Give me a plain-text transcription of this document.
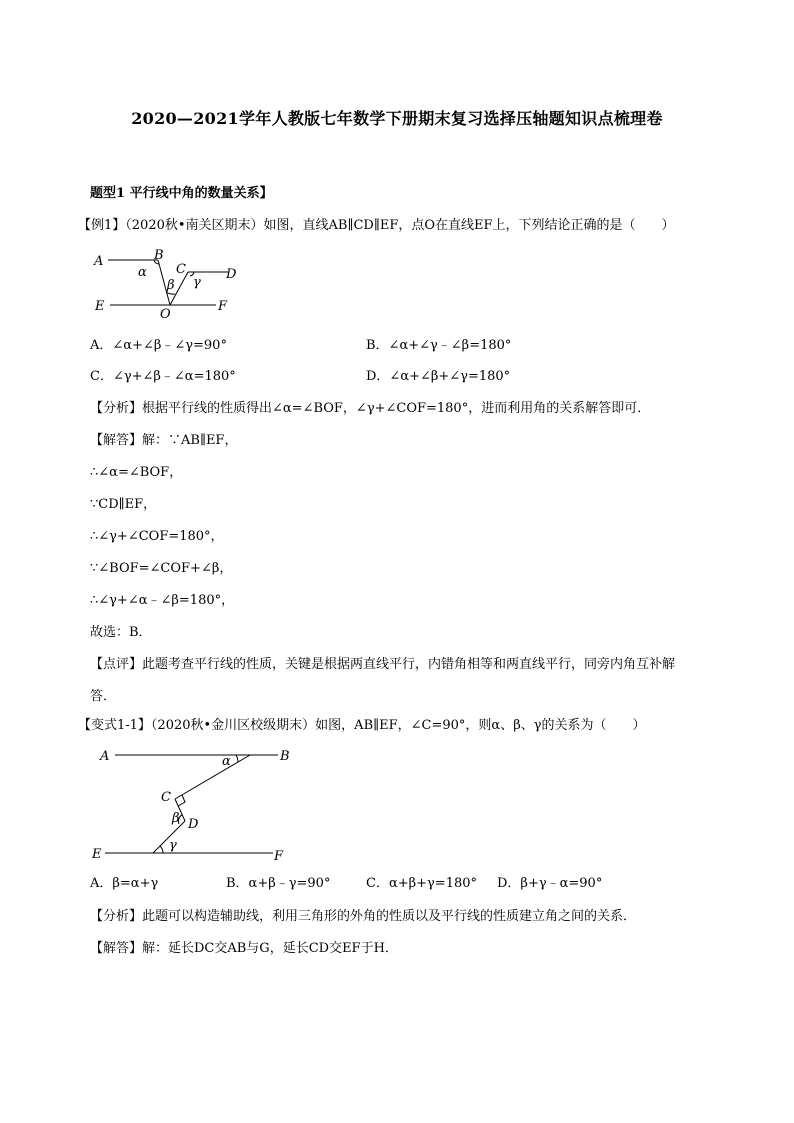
2020—2021学年人教版七年数学下册期末复习选择压轴题知识点梳理卷
题型1 平行线中角的数量关系】
【例1】（2020秋•南关区期末）如图，直线AB∥CD∥EF，点O在直线EF上，下列结论正确的是（　　）
A	B
C	D
E	F
O
α
β γ
A．∠α+∠β﹣∠γ=90°	B．∠α+∠γ﹣∠β=180°
C．∠γ+∠β﹣∠α=180°	D．∠α+∠β+∠γ=180°
【分析】根据平行线的性质得出∠α=∠BOF，∠γ+∠COF=180°，进而利用角的关系解答即可．
【解答】解：∵AB∥EF，
∴∠α=∠BOF，
∵CD∥EF，
∴∠γ+∠COF=180°，
∵∠BOF=∠COF+∠β，
∴∠γ+∠α﹣∠β=180°，
故选：B．
【点评】此题考查平行线的性质，关键是根据两直线平行，内错角相等和两直线平行，同旁内角互补解
答．
【变式1-1】（2020秋•金川区校级期末）如图，AB∥EF，∠C=90°，则α、β、γ的关系为（　　）
A	B
C
D
E	F
α
β
γ
A．β=α+γ	B．α+β﹣γ=90°	C．α+β+γ=180° D．β+γ﹣α=90°
【分析】此题可以构造辅助线，利用三角形的外角的性质以及平行线的性质建立角之间的关系．
【解答】解：延长DC交AB与G，延长CD交EF于H．
